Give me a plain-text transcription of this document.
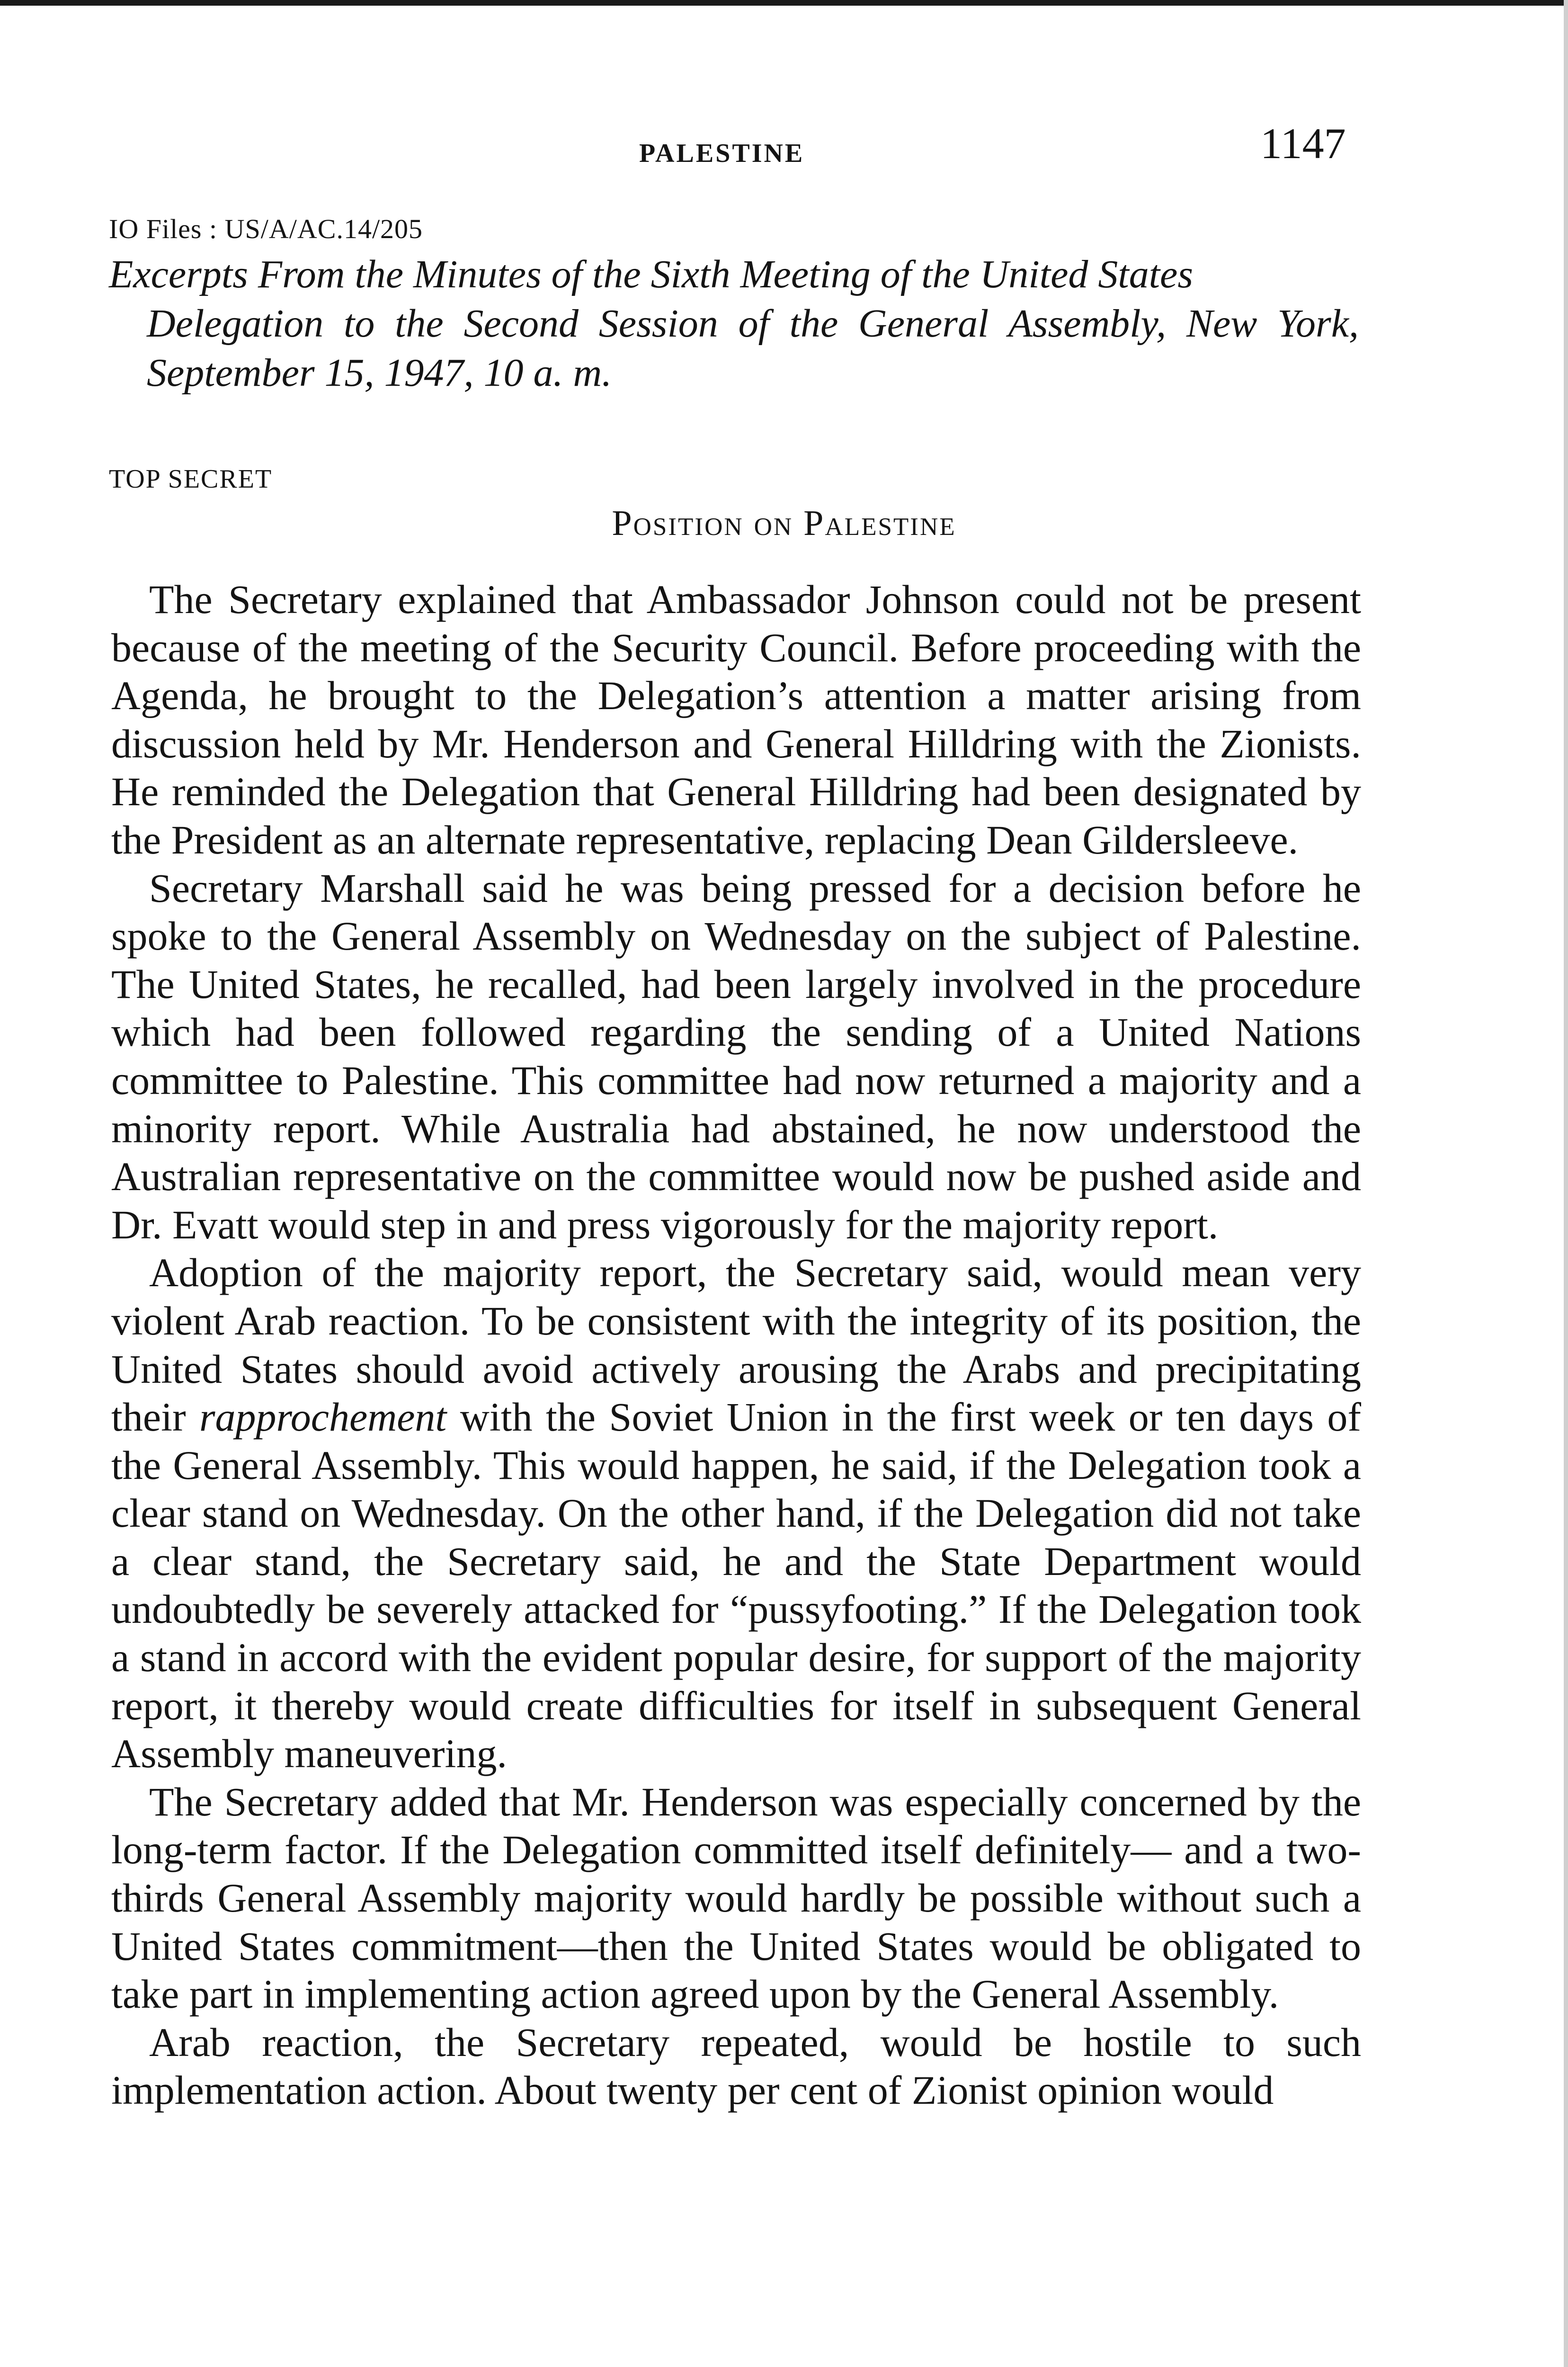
PALESTINE	1147
IO Files : US/A/AC.14/205
Excerpts From the Minutes of the Sixth Meeting of the United States
Delegation to the Second Session of the General Assembly, New York, September 15, 1947, 10 a. m.
TOP SECRET
Position on Palestine

The Secretary explained that Ambassador Johnson could not be present because of the meeting of the Security Council. Before proceeding with the Agenda, he brought to the Delegation’s attention a matter arising from discussion held by Mr. Henderson and General Hilldring with the Zionists. He reminded the Delegation that General Hilldring had been designated by the President as an alternate representative, replacing Dean Gildersleeve.

Secretary Marshall said he was being pressed for a decision before he spoke to the General Assembly on Wednesday on the subject of Palestine. The United States, he recalled, had been largely involved in the procedure which had been followed regarding the sending of a United Nations committee to Palestine. This committee had now returned a majority and a minority report. While Australia had abstained, he now understood the Australian representative on the committee would now be pushed aside and Dr. Evatt would step in and press vigorously for the majority report.

Adoption of the majority report, the Secretary said, would mean very violent Arab reaction. To be consistent with the integrity of its position, the United States should avoid actively arousing the Arabs and precipitating their rapprochement with the Soviet Union in the first week or ten days of the General Assembly. This would happen, he said, if the Delegation took a clear stand on Wednesday. On the other hand, if the Delegation did not take a clear stand, the Secretary said, he and the State Department would undoubtedly be severely attacked for “pussyfooting.” If the Delegation took a stand in accord with the evident popular desire, for support of the majority report, it thereby would create difficulties for itself in subsequent General Assembly maneuvering.

The Secretary added that Mr. Henderson was especially concerned by the long-term factor. If the Delegation committed itself definitely— and a two-thirds General Assembly majority would hardly be possible without such a United States commitment—then the United States would be obligated to take part in implementing action agreed upon by the General Assembly.

Arab reaction, the Secretary repeated, would be hostile to such implementation action. About twenty per cent of Zionist opinion would
